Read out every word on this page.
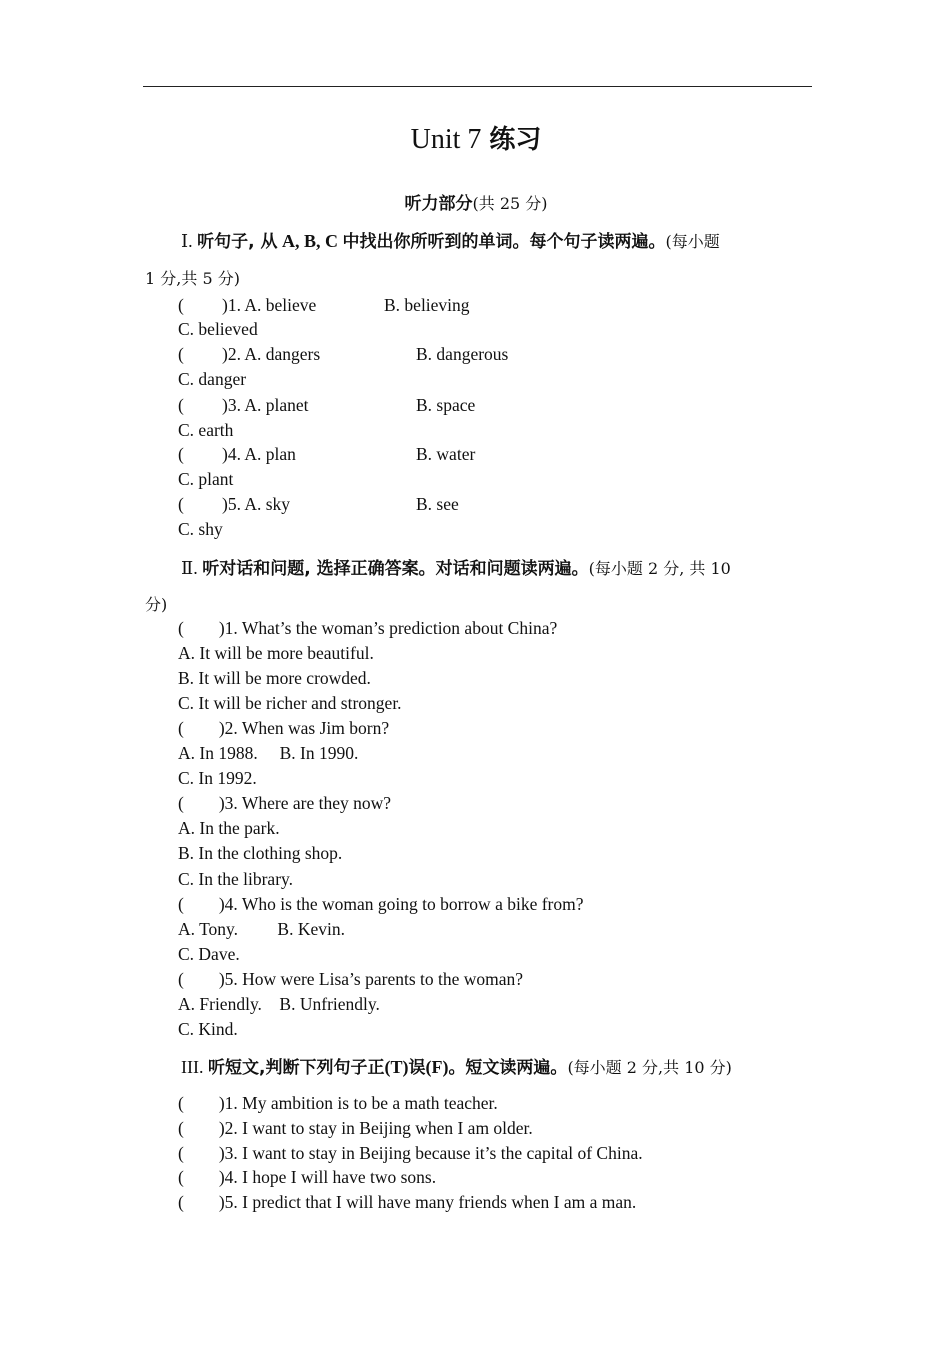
Unit 7 练习
听力部分(共 25 分)
Ⅰ. 听句子, 从 A, B, C 中找出你所听到的单词。每个句子读两遍。(每小题
1 分,共 5 分)
( )1. A. believe	B. believing
C. believed
( )2. A. dangers	B. dangerous
C. danger
( )3. A. planet	B. space
C. earth
( )4. A. plan	B. water
C. plant
( )5. A. sky	B. see
C. shy
Ⅱ. 听对话和问题, 选择正确答案。对话和问题读两遍。(每小题 2 分, 共 10
分)
(        )1. What’s the woman’s prediction about China?
A. It will be more beautiful.
B. It will be more crowded.
C. It will be richer and stronger.
(        )2. When was Jim born?
A. In 1988.     B. In 1990.
C. In 1992.
(        )3. Where are they now?
A. In the park.
B. In the clothing shop.
C. In the library.
(        )4. Who is the woman going to borrow a bike from?
A. Tony.         B. Kevin.
C. Dave.
(        )5. How were Lisa’s parents to the woman?
A. Friendly.    B. Unfriendly.
C. Kind.
III. 听短文,判断下列句子正(T)误(F)。短文读两遍。(每小题 2 分,共 10 分)
(        )1. My ambition is to be a math teacher.
(        )2. I want to stay in Beijing when I am older.
(        )3. I want to stay in Beijing because it’s the capital of China.
(        )4. I hope I will have two sons.
(        )5. I predict that I will have many friends when I am a man.
